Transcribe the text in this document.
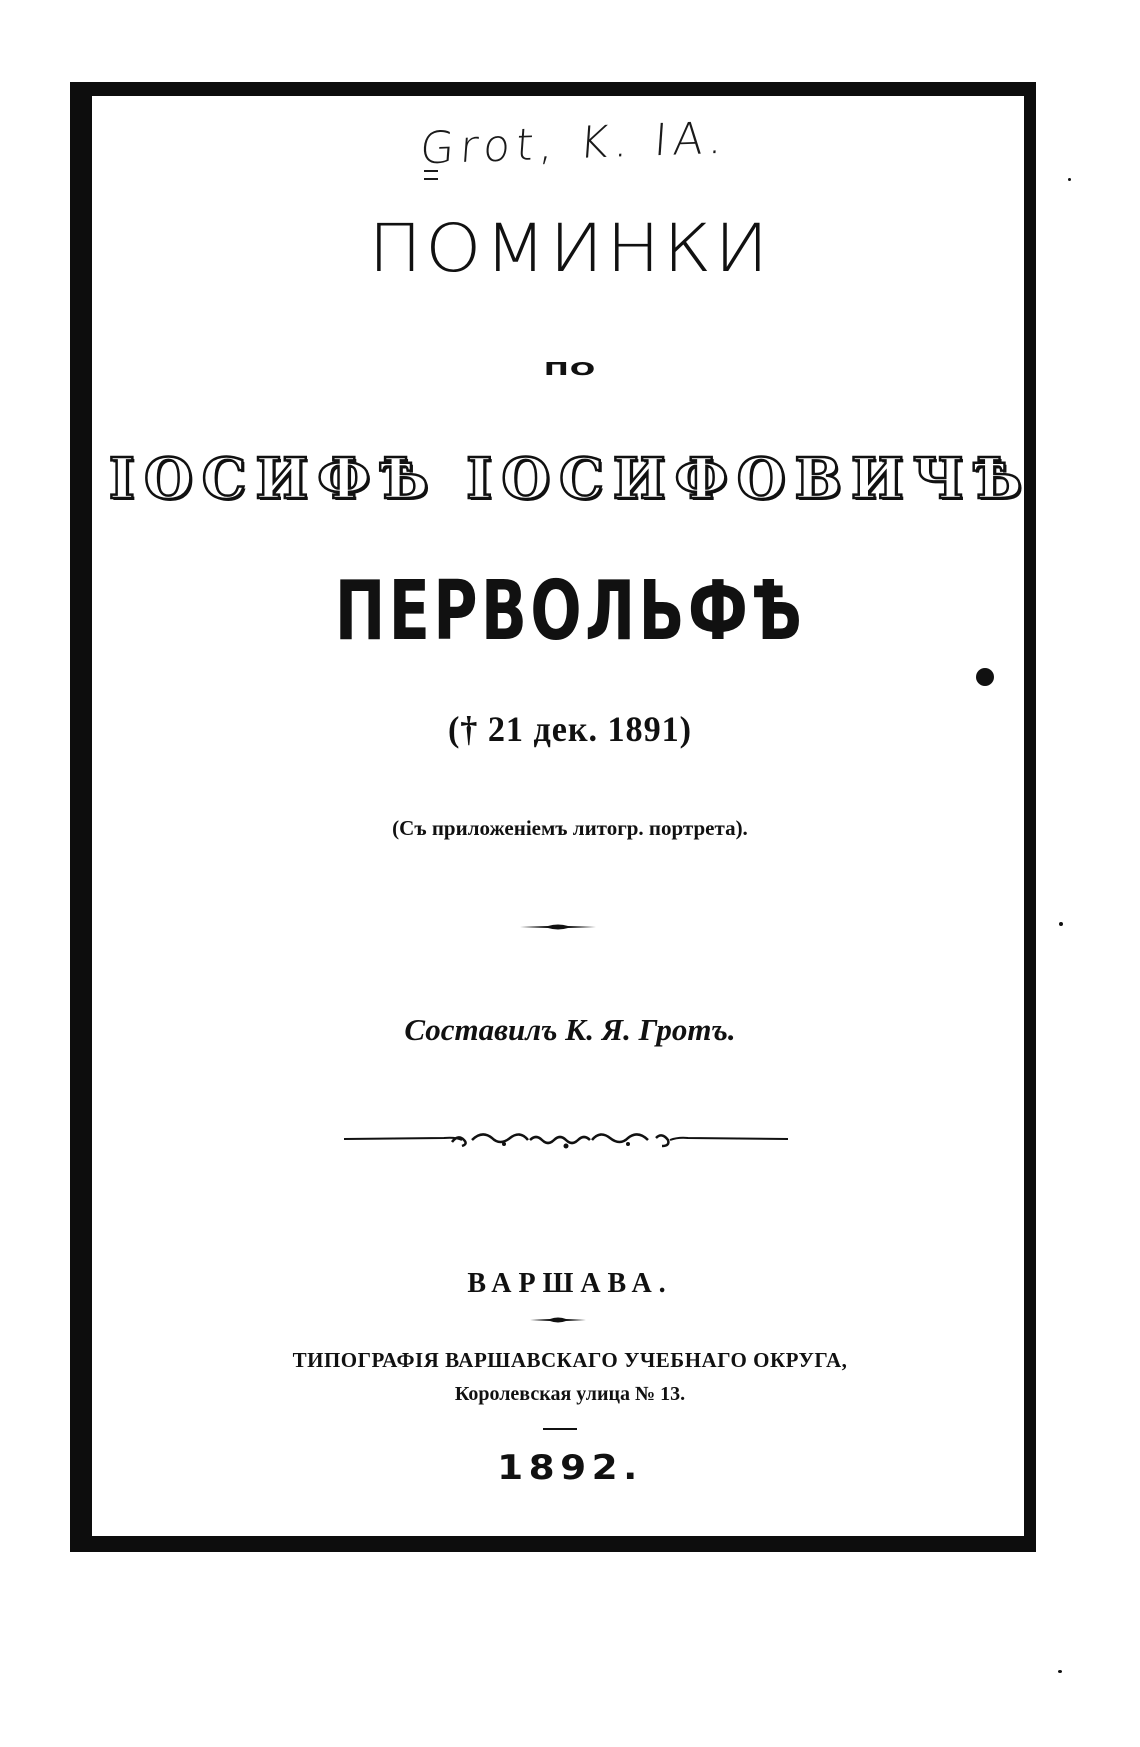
Grot, K. IA.
ПОМИНКИ
ПО
ІОСИФѢ ІОСИФОВИЧѢ
ПЕРВОЛЬФѢ
(† 21 дек. 1891)
(Съ приложеніемъ литогр. портрета).
Составилъ К. Я. Гротъ.
ВАРШАВА.
ТИПОГРАФІЯ ВАРШАВСКАГО УЧЕБНАГО ОКРУГА,
Королевская улица № 13.
1892.
